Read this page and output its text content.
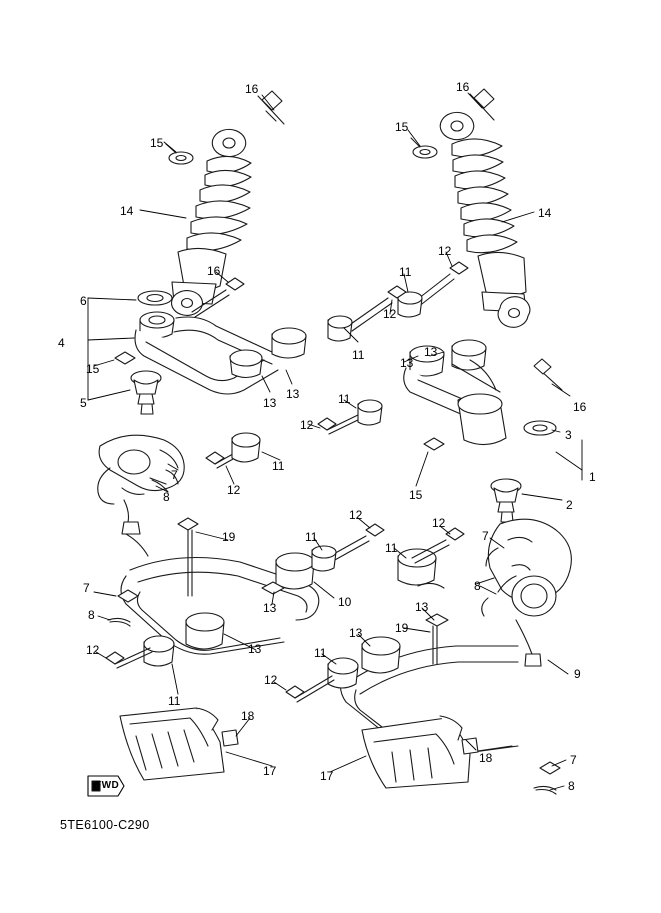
FWD
5TE6100-C290
16	16
15
15
14	14
12
16	11
6
12
11
4
13
13
15
13
13	16
5
12
11
3
11
1
15
7
12
2
8
19	11
12
12
11
7
8
10
13
7
13
8
13	19
13
12	11
11
12	9
18
18	7
17	17
8
